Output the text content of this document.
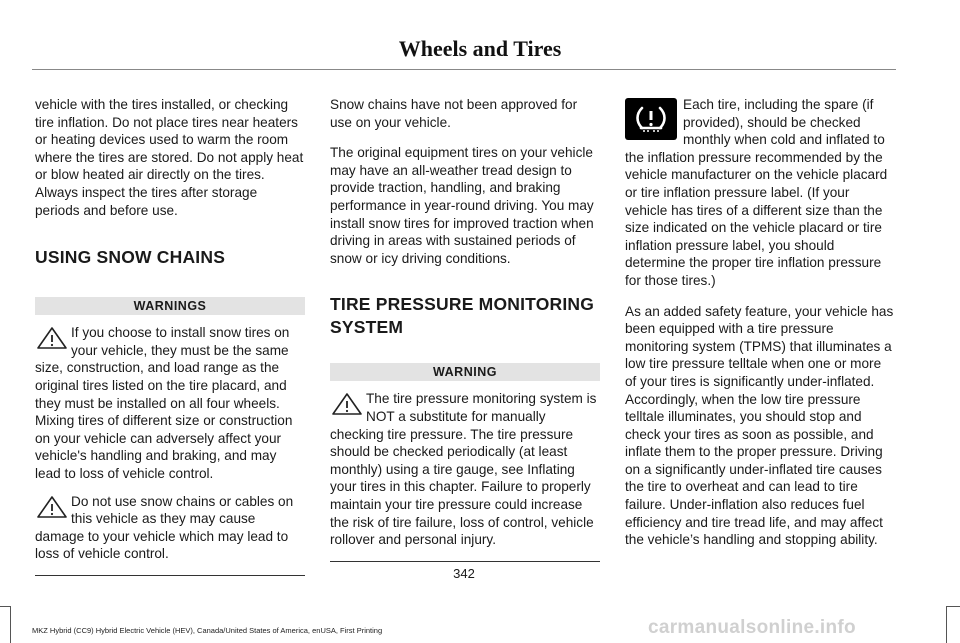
Wheels and Tires

vehicle with the tires installed, or checking tire inflation. Do not place tires near heaters or heating devices used to warm the room where the tires are stored. Do not apply heat or blow heated air directly on the tires. Always inspect the tires after storage periods and before use.

USING SNOW CHAINS
WARNINGS
If you choose to install snow tires on your vehicle, they must be the same size, construction, and load range as the original tires listed on the tire placard, and they must be installed on all four wheels. Mixing tires of different size or construction on your vehicle can adversely affect your vehicle's handling and braking, and may lead to loss of vehicle control.
Do not use snow chains or cables on this vehicle as they may cause damage to your vehicle which may lead to loss of vehicle control.

Snow chains have not been approved for use on your vehicle.

The original equipment tires on your vehicle may have an all-weather tread design to provide traction, handling, and braking performance in year-round driving. You may install snow tires for improved traction when driving in areas with sustained periods of snow or icy driving conditions.

TIRE PRESSURE MONITORING
SYSTEM
WARNING
The tire pressure monitoring system is NOT a substitute for manually checking tire pressure. The tire pressure should be checked periodically (at least monthly) using a tire gauge, see Inflating your tires in this chapter. Failure to properly maintain your tire pressure could increase the risk of tire failure, loss of control, vehicle rollover and personal injury.

Each tire, including the spare (if provided), should be checked monthly when cold and inflated to the inflation pressure recommended by the vehicle manufacturer on the vehicle placard or tire inflation pressure label. (If your vehicle has tires of a different size than the size indicated on the vehicle placard or tire inflation pressure label, you should determine the proper tire inflation pressure for those tires.)

As an added safety feature, your vehicle has been equipped with a tire pressure monitoring system (TPMS) that illuminates a low tire pressure telltale when one or more of your tires is significantly under-inflated. Accordingly, when the low tire pressure telltale illuminates, you should stop and check your tires as soon as possible, and inflate them to the proper pressure. Driving on a significantly under-inflated tire causes the tire to overheat and can lead to tire failure. Under-inflation also reduces fuel efficiency and tire tread life, and may affect the vehicle’s handling and stopping ability.

342
MKZ Hybrid (CC9) Hybrid Electric Vehicle (HEV), Canada/United States of America, enUSA, First Printing	carmanualsonline.info
